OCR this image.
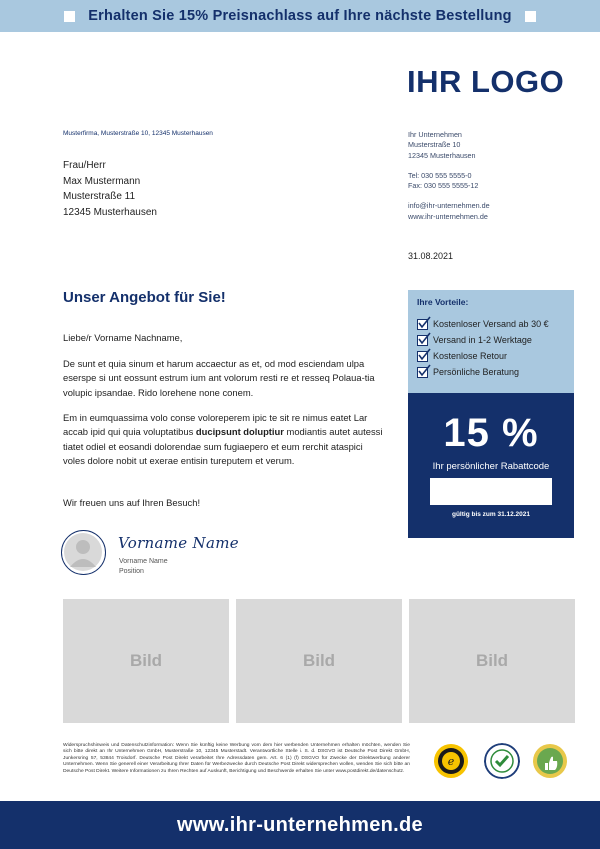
Erhalten Sie 15% Preisnachlass auf Ihre nächste Bestellung
IHR LOGO
Musterfirma, Musterstraße 10, 12345 Musterhausen
Frau/Herr
Max Mustermann
Musterstraße 11
12345 Musterhausen
Ihr Unternehmen
Musterstraße 10
12345 Musterhausen
Tel: 030 555 5555-0
Fax: 030 555 5555-12
info@ihr-unternehmen.de
www.ihr-unternehmen.de
31.08.2021
Unser Angebot für Sie!
Liebe/r Vorname Nachname,
De sunt et quia sinum et harum accaectur as et, od mod esciendam ulpa eserspe si unt eossunt estrum ium ant volorum resti re et resseq Polaua-tia volupic ipsandae. Rido lorehene none conem.
Em in eumquassima volo conse voloreperem ipic te sit re nimus eatet Lar accab ipid qui quia voluptatibus ducipsunt doluptiur modiantis autet autessi tiatet odiel et eosandi dolorendae sum fugiaepero et eum rerchit ataspici voles dolore nobit ut exerae entisin tureputem et verum.
Wir freuen uns auf Ihren Besuch!
Vorname Name
Vorname Name
Position
Ihre Vorteile:
Kostenloser Versand ab 30 €
Versand in 1-2 Werktage
Kostenlose Retour
Persönliche Beratung
15 %
Ihr persönlicher Rabattcode
gültig bis zum 31.12.2021
Bild	Bild	Bild
Widerspruchshinweis und Datenschutzinformation: Wenn Sie künftig keine Werbung vom dem hier werbenden Unternehmen erhalten möchten, wenden Sie sich bitte direkt an Ihr Unternehmen GmbH, Musterstraße 10, 12345 Musterstadt. Verantwortliche Stelle i. S. d. DSGVO ist Deutsche Post Direkt GmbH, Junkersring 57, 53844 Troisdorf. Deutsche Post Direkt verarbeitet Ihre Adressdaten gem. Art. 6 (1) (f) DSGVO für Zwecke der Direktwerbung anderer Unternehmen. Wenn Sie generell einer Verarbeitung Ihrer Daten für Werbezwecke durch Deutsche Post Direkt widersprechen wollen, wenden Sie sich bitte an Deutsche Post Direkt. Weitere Informationen zu Ihren Rechten auf Auskunft, Berichtigung und Beschwerde erhalten Sie unter www.postdirekt.de/datenschutz.
e
www.ihr-unternehmen.de
